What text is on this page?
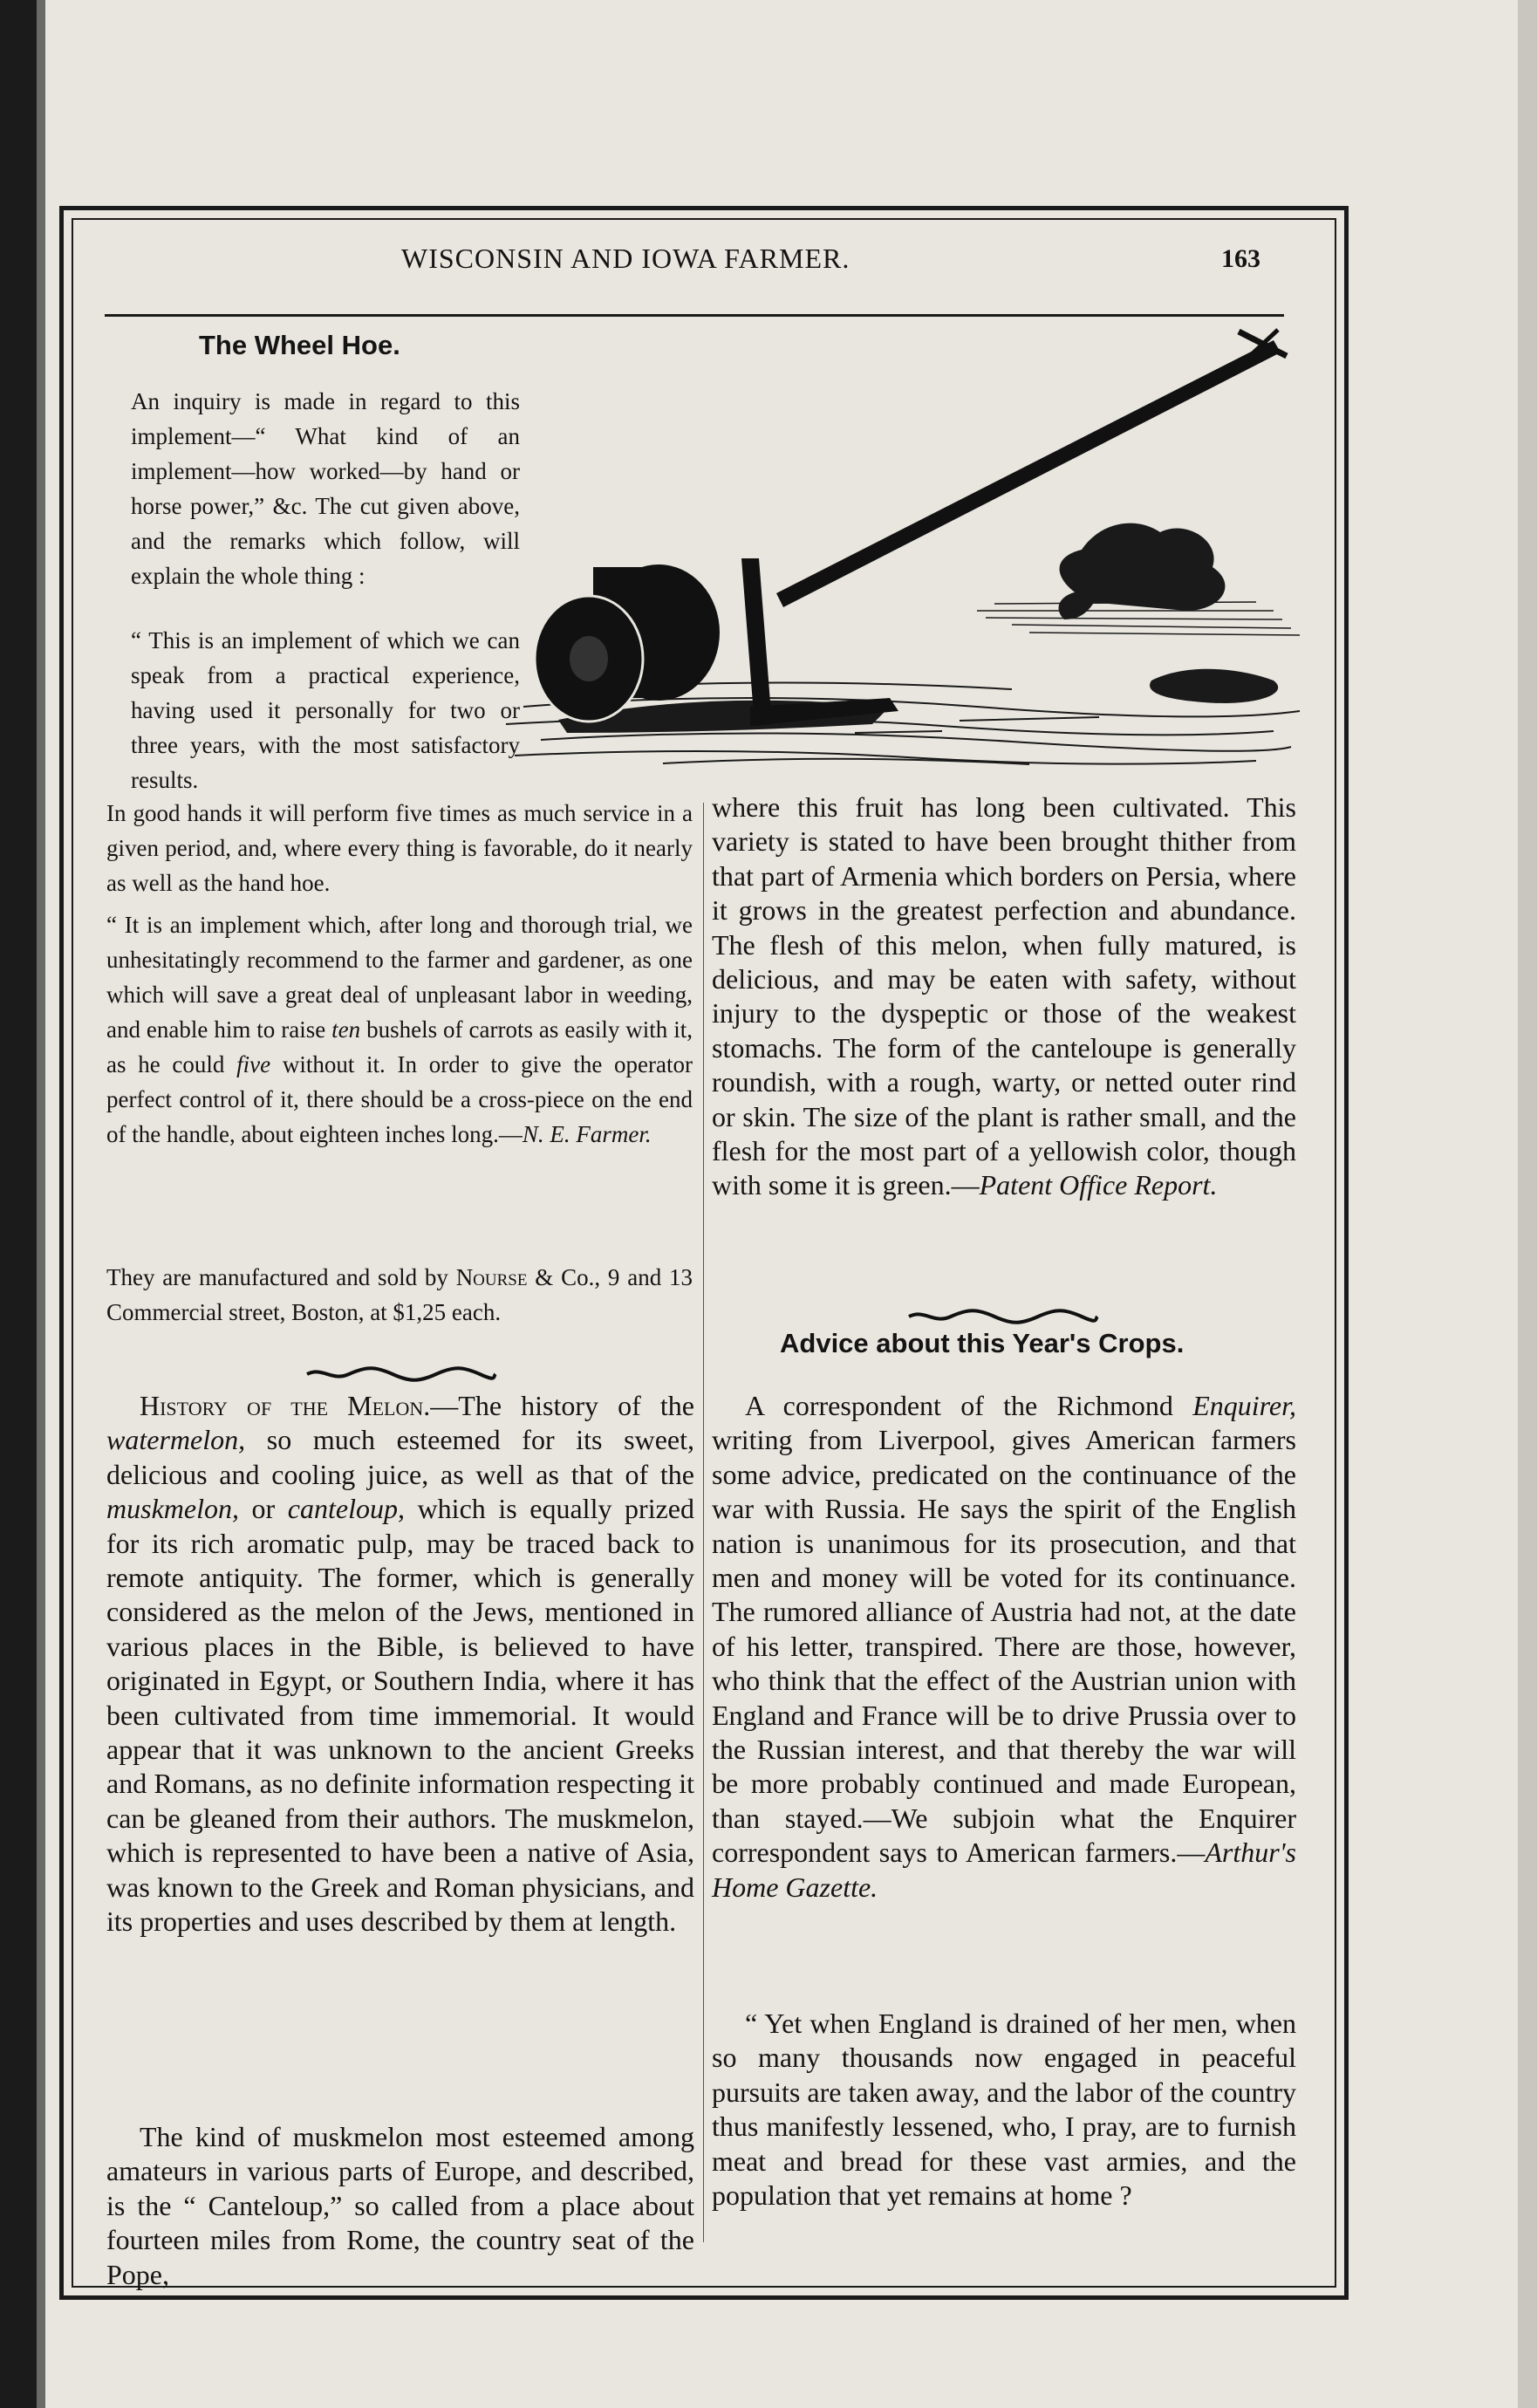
WISCONSIN AND IOWA FARMER.	163
The Wheel Hoe.

An inquiry is made in regard to this implement—“ What kind of an implement—how worked—by hand or horse power,” &c. The cut given above, and the remarks which follow, will explain the whole thing :

“ This is an implement of which we can speak from a practical experience, having used it personally for two or three years, with the most satisfactory results.

In good hands it will perform five times as much service in a given period, and, where every thing is favorable, do it nearly as well as the hand hoe.

“ It is an implement which, after long and thorough trial, we unhesitatingly recommend to the farmer and gardener, as one which will save a great deal of unpleasant labor in weeding, and enable him to raise ten bushels of carrots as easily with it, as he could five without it. In order to give the operator perfect control of it, there should be a cross-piece on the end of the handle, about eighteen inches long.—N. E. Farmer.

They are manufactured and sold by Nourse & Co., 9 and 13 Commercial street, Boston, at $1,25 each.

History of the Melon.—The history of the watermelon, so much esteemed for its sweet, delicious and cooling juice, as well as that of the muskmelon, or canteloup, which is equally prized for its rich aromatic pulp, may be traced back to remote antiquity. The former, which is generally considered as the melon of the Jews, mentioned in various places in the Bible, is believed to have originated in Egypt, or Southern India, where it has been cultivated from time immemorial. It would appear that it was unknown to the ancient Greeks and Romans, as no definite information respecting it can be gleaned from their authors. The muskmelon, which is represented to have been a native of Asia, was known to the Greek and Roman physicians, and its properties and uses described by them at length.

The kind of muskmelon most esteemed among amateurs in various parts of Europe, and described, is the “ Canteloup,” so called from a place about fourteen miles from Rome, the country seat of the Pope,

where this fruit has long been cultivated. This variety is stated to have been brought thither from that part of Armenia which borders on Persia, where it grows in the greatest perfection and abundance. The flesh of this melon, when fully matured, is delicious, and may be eaten with safety, without injury to the dyspeptic or those of the weakest stomachs. The form of the canteloupe is generally roundish, with a rough, warty, or netted outer rind or skin. The size of the plant is rather small, and the flesh for the most part of a yellowish color, though with some it is green.—Patent Office Report.

Advice about this Year's Crops.

A correspondent of the Richmond Enquirer, writing from Liverpool, gives American farmers some advice, predicated on the continuance of the war with Russia. He says the spirit of the English nation is unanimous for its prosecution, and that men and money will be voted for its continuance. The rumored alliance of Austria had not, at the date of his letter, transpired. There are those, however, who think that the effect of the Austrian union with England and France will be to drive Prussia over to the Russian interest, and that thereby the war will be more probably continued and made European, than stayed.—We subjoin what the Enquirer correspondent says to American farmers.—Arthur's Home Gazette.

“ Yet when England is drained of her men, when so many thousands now engaged in peaceful pursuits are taken away, and the labor of the country thus manifestly lessened, who, I pray, are to furnish meat and bread for these vast armies, and the population that yet remains at home ?
